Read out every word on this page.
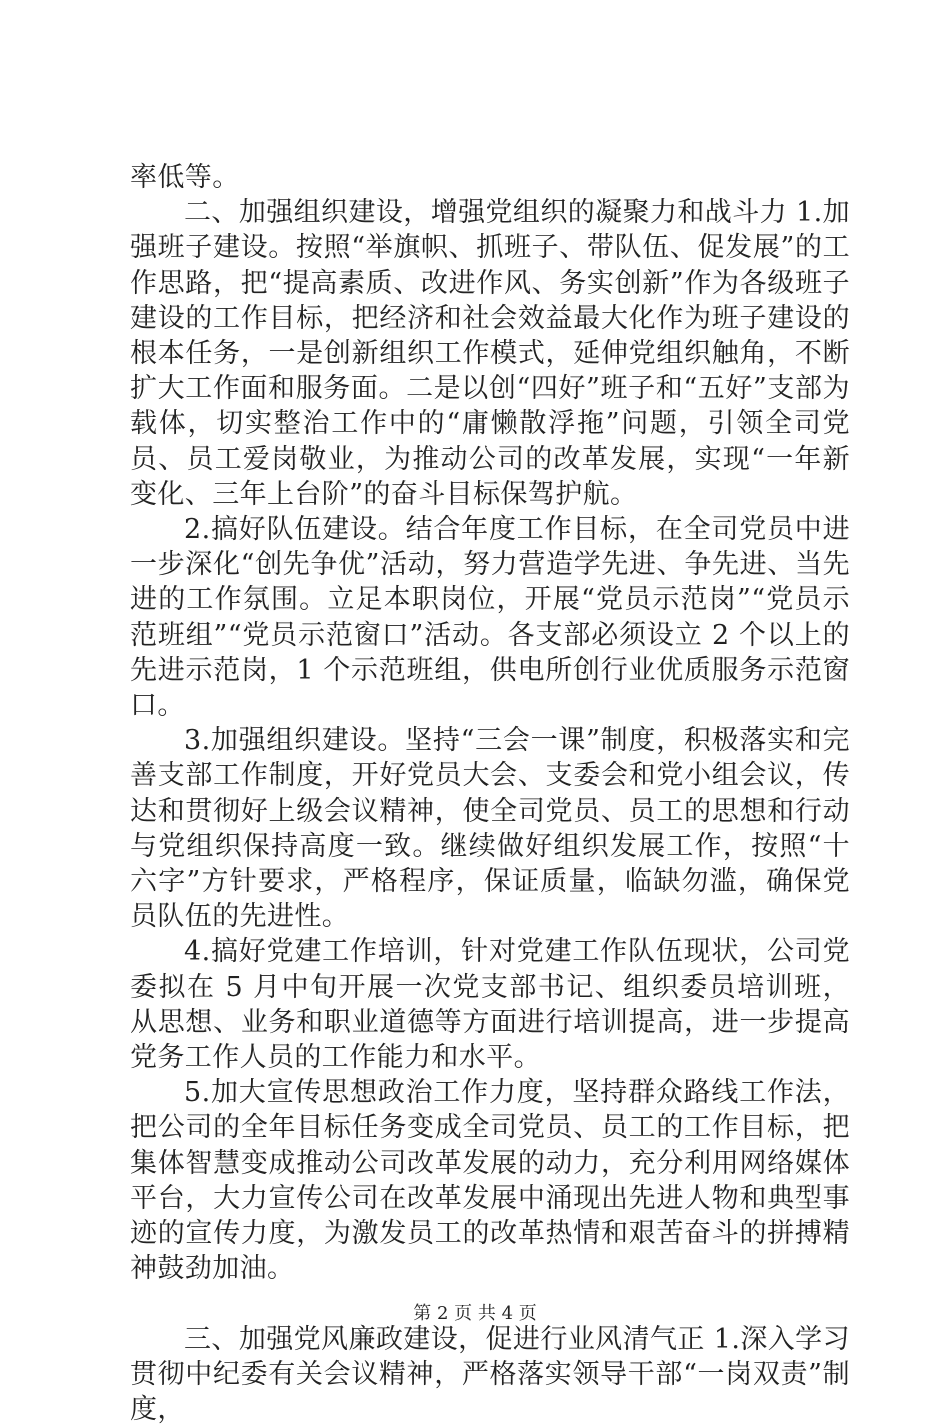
率低等。

二、加强组织建设，增强党组织的凝聚力和战斗力 1.加强班子建设。按照“举旗帜、抓班子、带队伍、促发展”的工作思路，把“提高素质、改进作风、务实创新”作为各级班子建设的工作目标，把经济和社会效益最大化作为班子建设的根本任务，一是创新组织工作模式，延伸党组织触角，不断扩大工作面和服务面。二是以创“四好”班子和“五好”支部为载体，切实整治工作中的“庸懒散浮拖”问题，引领全司党员、员工爱岗敬业，为推动公司的改革发展，实现“一年新变化、三年上台阶”的奋斗目标保驾护航。

2.搞好队伍建设。结合年度工作目标，在全司党员中进一步深化“创先争优”活动，努力营造学先进、争先进、当先进的工作氛围。立足本职岗位，开展“党员示范岗”“党员示范班组”“党员示范窗口”活动。各支部必须设立 2 个以上的先进示范岗，1 个示范班组，供电所创行业优质服务示范窗口。

3.加强组织建设。坚持“三会一课”制度，积极落实和完善支部工作制度，开好党员大会、支委会和党小组会议，传达和贯彻好上级会议精神，使全司党员、员工的思想和行动与党组织保持高度一致。继续做好组织发展工作，按照“十六字”方针要求，严格程序，保证质量，临缺勿滥，确保党员队伍的先进性。

4.搞好党建工作培训，针对党建工作队伍现状，公司党委拟在 5 月中旬开展一次党支部书记、组织委员培训班，从思想、业务和职业道德等方面进行培训提高，进一步提高党务工作人员的工作能力和水平。

5.加大宣传思想政治工作力度，坚持群众路线工作法，把公司的全年目标任务变成全司党员、员工的工作目标，把集体智慧变成推动公司改革发展的动力，充分利用网络媒体平台，大力宣传公司在改革发展中涌现出先进人物和典型事迹的宣传力度，为激发员工的改革热情和艰苦奋斗的拼搏精神鼓劲加油。

三、加强党风廉政建设，促进行业风清气正 1.深入学习贯彻中纪委有关会议精神，严格落实领导干部“一岗双责”制度，

第 2 页 共 4 页
